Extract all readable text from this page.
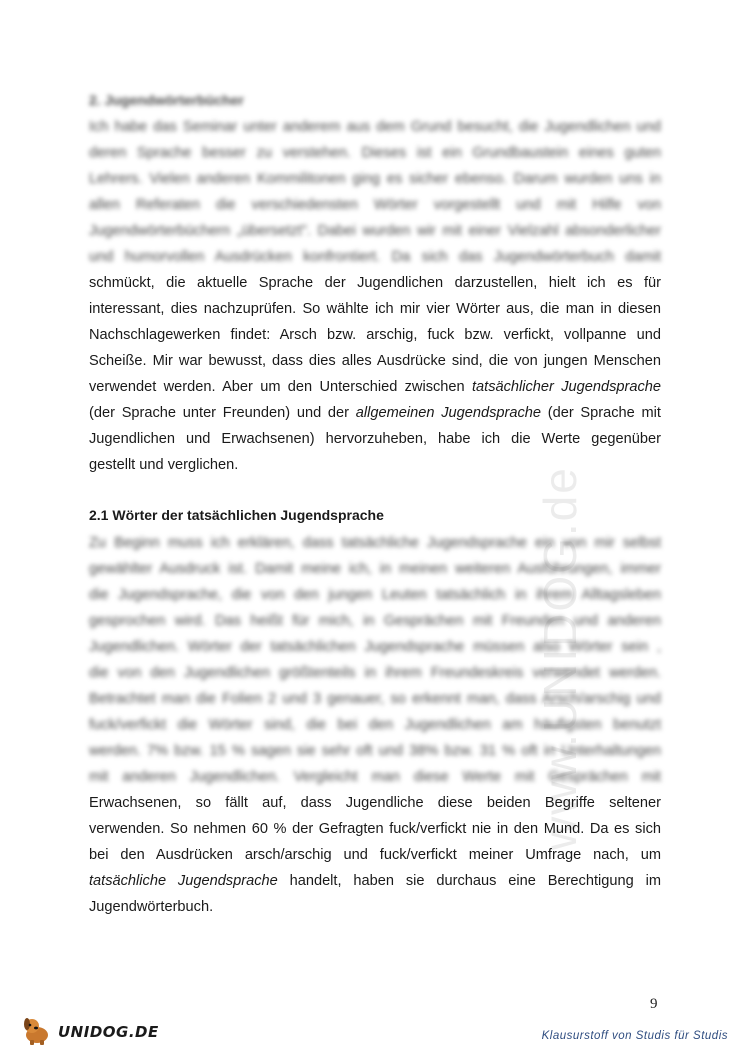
www.UNIDOG.de
2. Jugendwörterbücher
Ich habe das Seminar unter anderem aus dem Grund besucht, die Jugendlichen und
deren Sprache besser zu verstehen. Dieses ist ein Grundbaustein eines guten
Lehrers. Vielen anderen Kommilitonen ging es sicher ebenso. Darum wurden uns in
allen Referaten die verschiedensten Wörter vorgestellt und mit Hilfe von
Jugendwörterbüchern „übersetzt". Dabei wurden wir mit einer Vielzahl absonderlicher
und humorvollen Ausdrücken konfrontiert. Da sich das Jugendwörterbuch damit
schmückt, die aktuelle Sprache der Jugendlichen darzustellen, hielt ich es für
interessant, dies nachzuprüfen. So wählte ich mir vier Wörter aus, die man in diesen
Nachschlagewerken findet: Arsch bzw. arschig, fuck bzw. verfickt, vollpanne und
Scheiße. Mir war bewusst, dass dies alles Ausdrücke sind, die von jungen Menschen
verwendet werden. Aber um den Unterschied zwischen tatsächlicher Jugendsprache
(der Sprache unter Freunden) und der allgemeinen Jugendsprache (der Sprache mit
Jugendlichen und Erwachsenen) hervorzuheben, habe ich die Werte gegenüber
gestellt und verglichen.
2.1 Wörter der tatsächlichen Jugendsprache
Zu Beginn muss ich erklären, dass tatsächliche Jugendsprache ein von mir selbst
gewählter Ausdruck ist. Damit meine ich, in meinen weiteren Ausführungen, immer
die Jugendsprache, die von den jungen Leuten tatsächlich in ihrem Alltagsleben
gesprochen wird. Das heißt für mich, in Gesprächen mit Freunden und anderen
Jugendlichen. Wörter der tatsächlichen Jugendsprache müssen also Wörter sein ,
die von den Jugendlichen größtenteils in ihrem Freundeskreis verwendet werden.
Betrachtet man die Folien 2 und 3 genauer, so erkennt man, dass Arsch/arschig und
fuck/verfickt die Wörter sind, die bei den Jugendlichen am häufigsten benutzt
werden. 7% bzw. 15 % sagen sie sehr oft und 38% bzw. 31 % oft in Unterhaltungen
mit anderen Jugendlichen. Vergleicht man diese Werte mit Gesprächen mit
Erwachsenen, so fällt auf, dass Jugendliche diese beiden Begriffe seltener
verwenden. So nehmen 60 % der Gefragten fuck/verfickt nie in den Mund. Da es sich
bei den Ausdrücken arsch/arschig und fuck/verfickt meiner Umfrage nach, um
tatsächliche Jugendsprache handelt, haben sie durchaus eine Berechtigung im
Jugendwörterbuch.
9
UNIDOG.DE	Klausurstoff von Studis für Studis
